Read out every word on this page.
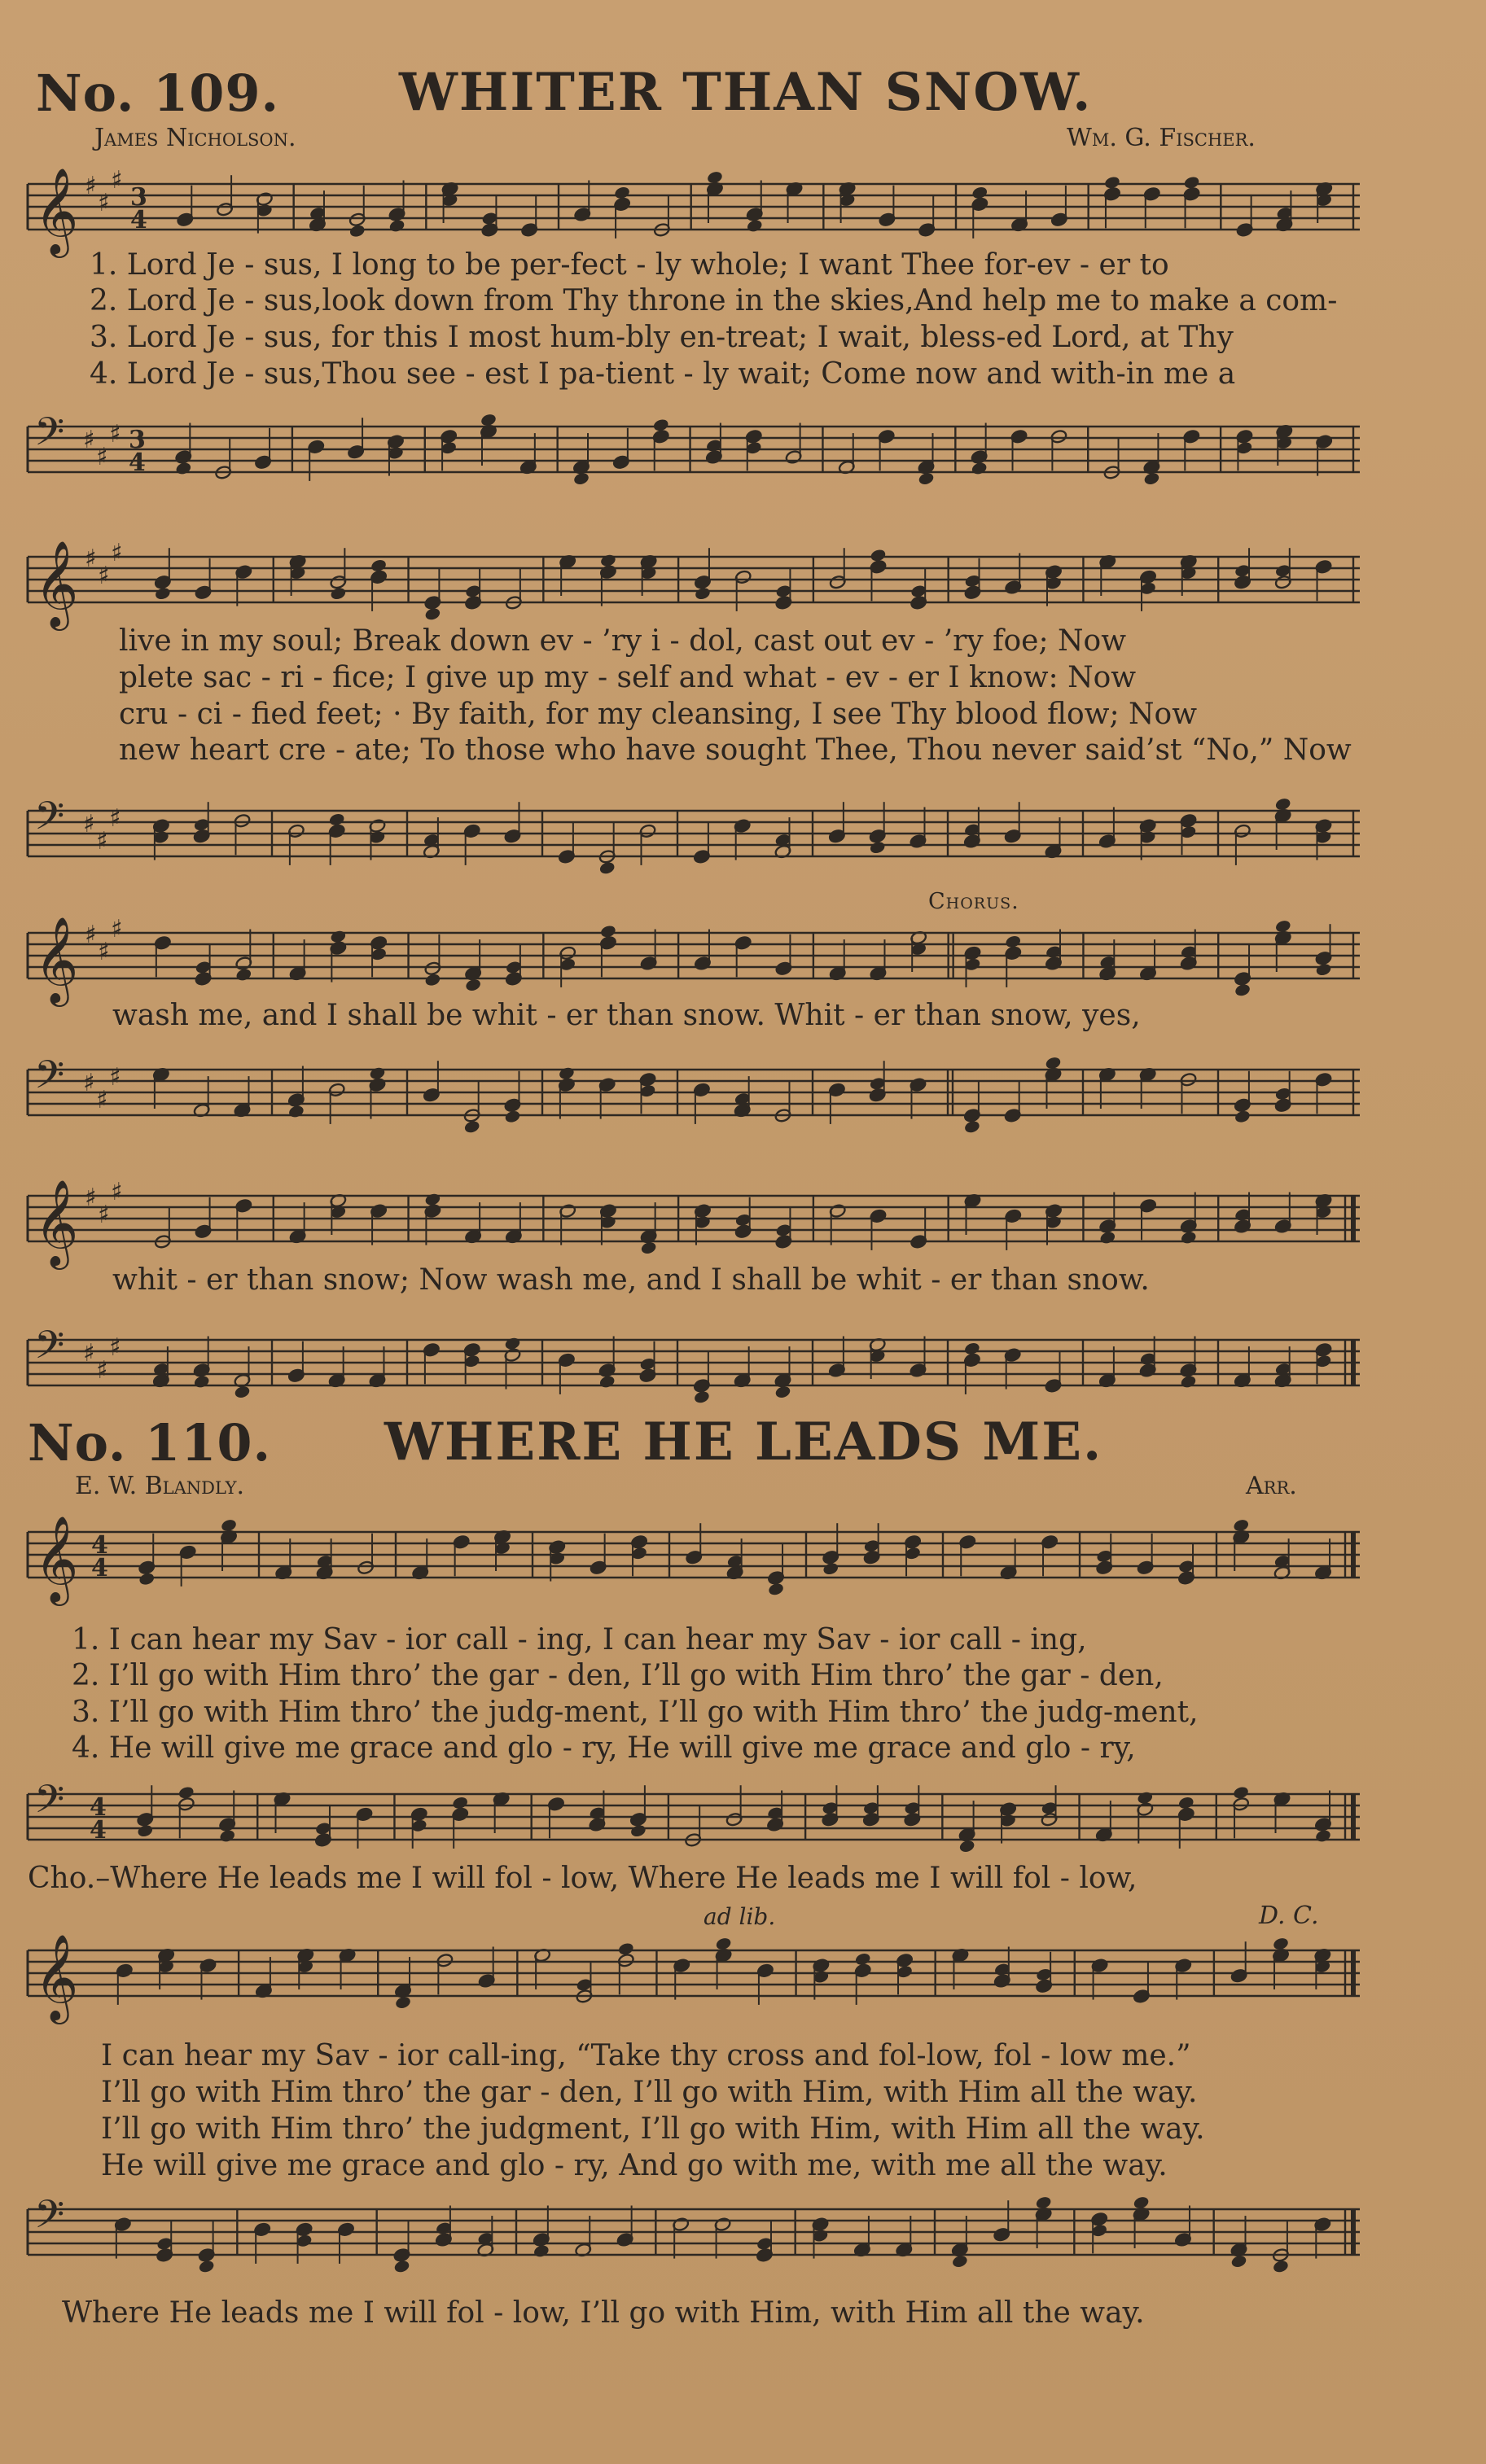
No. 109. WHITER THAN SNOW.
James Nicholson.	Wm. G. Fischer.
𝄞 ♯
♯
♯
3
4
1. Lord Je - sus, I long to be per-fect - ly whole; I want Thee for-ev - er to
2. Lord Je - sus,look down from Thy throne in the skies,And help me to make a com-
3. Lord Je - sus, for this I most hum-bly en-treat; I wait, bless-ed Lord, at Thy
4. Lord Je - sus,Thou see - est I pa-tient - ly wait; Come now and with-in me a
𝄢 ♯
♯
♯ 3
4
𝄞 ♯
♯
♯
live in my soul; Break down ev - ’ry i - dol, cast out ev - ’ry foe; Now
plete sac - ri - fice; I give up my - self and what - ev - er I know: Now
cru - ci - fied feet; · By faith, for my cleansing, I see Thy blood flow; Now
new heart cre - ate; To those who have sought Thee, Thou never said’st “No,” Now
𝄢 ♯
♯
♯
Chorus.
𝄞 ♯
♯
♯
wash me, and I shall be whit - er than snow. Whit - er than snow, yes,
𝄢 ♯
♯
♯
𝄞 ♯
♯
♯
whit - er than snow; Now wash me, and I shall be whit - er than snow.
𝄢 ♯
♯
♯
No. 110. WHERE HE LEADS ME.
E. W. Blandly.	Arr.
𝄞 4
4
1. I can hear my Sav - ior call - ing, I can hear my Sav - ior call - ing,
2. I’ll go with Him thro’ the gar - den, I’ll go with Him thro’ the gar - den,
3. I’ll go with Him thro’ the judg-ment, I’ll go with Him thro’ the judg-ment,
4. He will give me grace and glo - ry, He will give me grace and glo - ry,
𝄢 4
4
Cho.–Where He leads me I will fol - low, Where He leads me I will fol - low,
ad lib.	D. C.
𝄞
I can hear my Sav - ior call-ing, “Take thy cross and fol-low, fol - low me.”
I’ll go with Him thro’ the gar - den, I’ll go with Him, with Him all the way.
I’ll go with Him thro’ the judgment, I’ll go with Him, with Him all the way.
He will give me grace and glo - ry, And go with me, with me all the way.
𝄢
Where He leads me I will fol - low, I’ll go with Him, with Him all the way.
